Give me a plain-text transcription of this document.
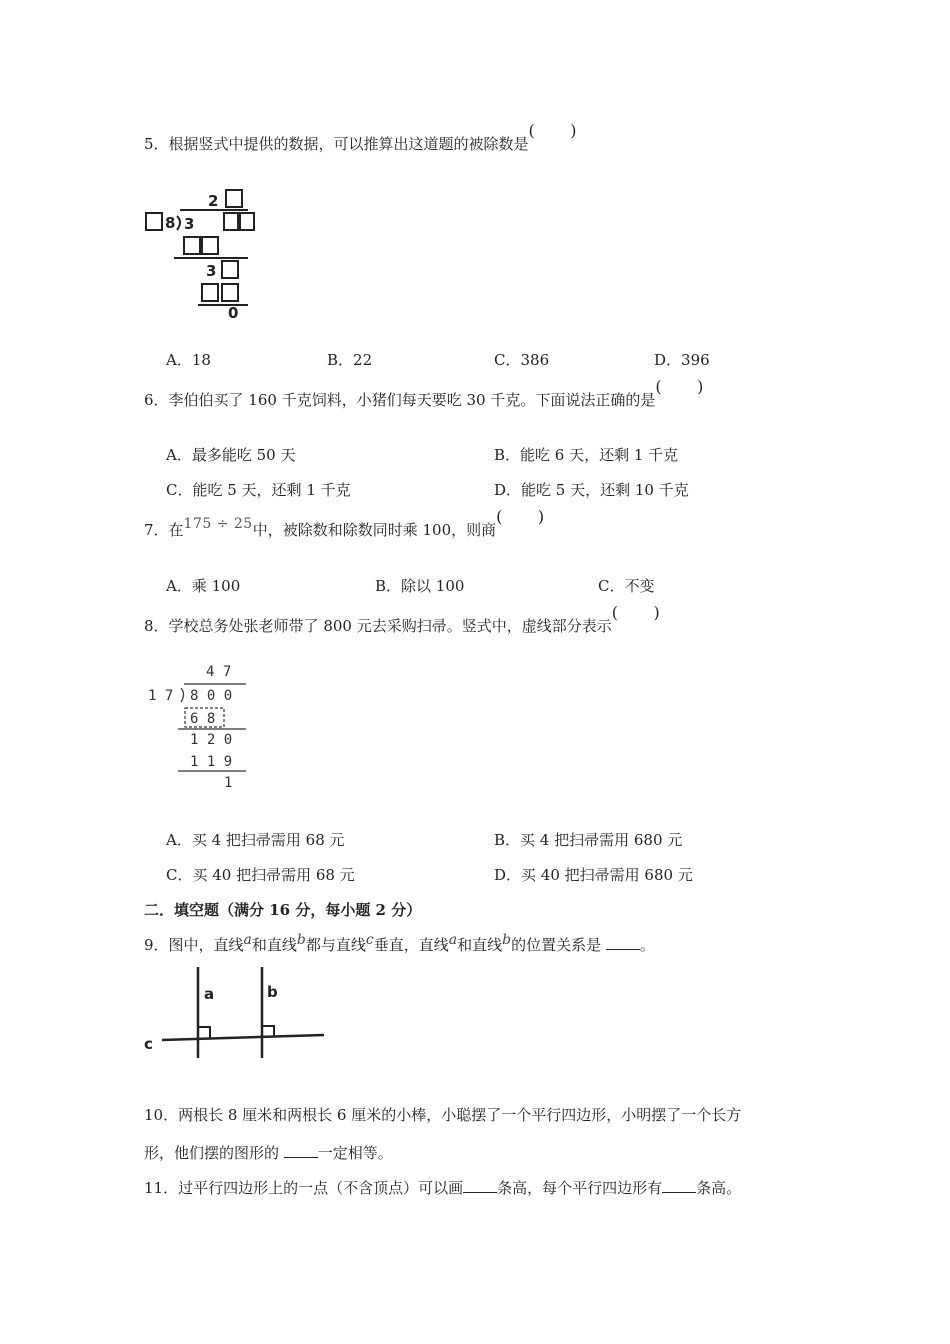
5．根据竖式中提供的数据，可以推算出这道题的被除数是
( )
2
8 3
3
0
A．18	B．22	C．386	D．396
6．李伯伯买了 160 千克饲料，小猪们每天要吃 30 千克。下面说法正确的是
( )
A．最多能吃 50 天	B．能吃 6 天，还剩 1 千克
C．能吃 5 天，还剩 1 千克	D．能吃 5 天，还剩 10 千克
7．在175 ÷ 25中，被除数和除数同时乘 100，则商
( )
A．乘 100	B．除以 100	C．不变
8．学校总务处张老师带了 800 元去采购扫帚。竖式中，虚线部分表示
( )
4 7
1 7 8 0 0
6 8
1 2 0
1 1 9
1
A．买 4 把扫帚需用 68 元	B．买 4 把扫帚需用 680 元
C．买 40 把扫帚需用 68 元	D．买 40 把扫帚需用 680 元
二．填空题（满分 16 分，每小题 2 分）
9．图中，直线a和直线b都与直线c垂直，直线a和直线b的位置关系是	。
a	b
c
10．两根长 8 厘米和两根长 6 厘米的小棒，小聪摆了一个平行四边形，小明摆了一个长方
形，他们摆的图形的	一定相等。
11．过平行四边形上的一点（不含顶点）可以画 条高，每个平行四边形有 条高。
